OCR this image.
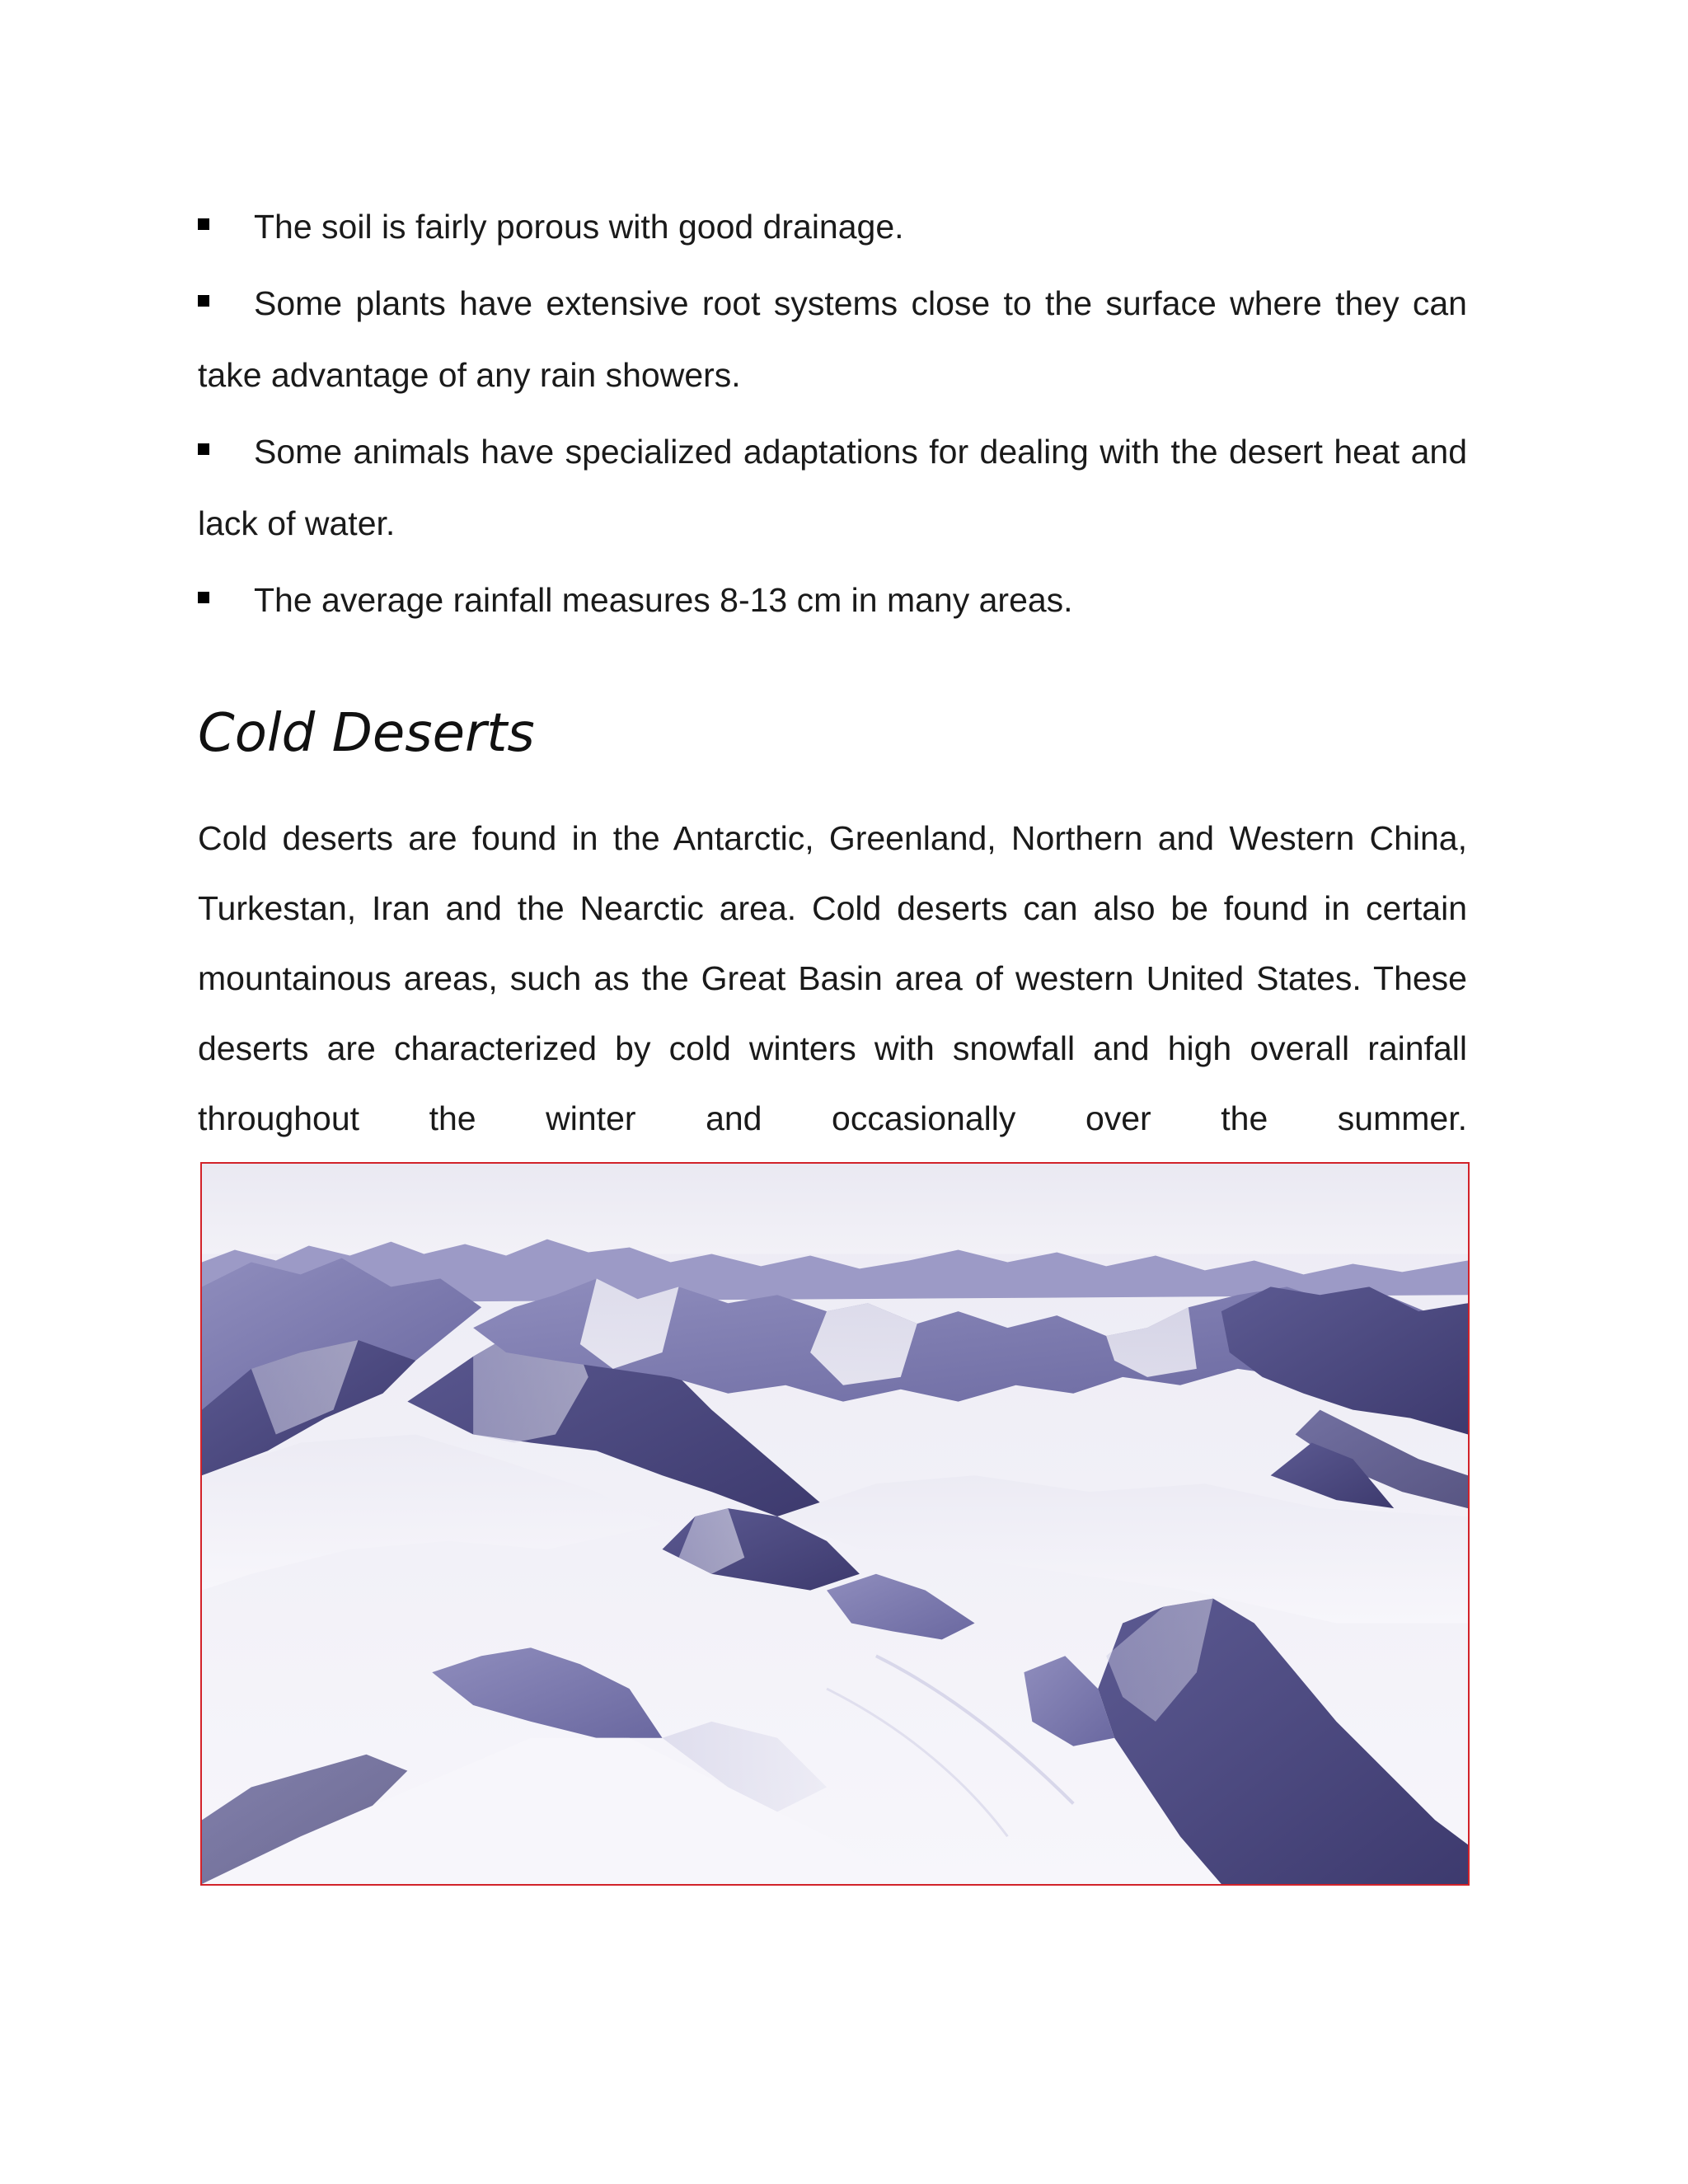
The soil is fairly porous with good drainage.
Some plants have extensive root systems close to the surface where they can take advantage of any rain showers.
Some animals have specialized adaptations for dealing with the desert heat and lack of water.
The average rainfall measures 8-13 cm in many areas.
Cold Deserts

Cold deserts are found in the Antarctic, Greenland, Northern and Western China, Turkestan, Iran and the Nearctic area. Cold deserts can also be found in certain mountainous areas, such as the Great Basin area of western United States. These deserts are characterized by cold winters with snowfall and high overall rainfall throughout the winter and occasionally over the summer.
